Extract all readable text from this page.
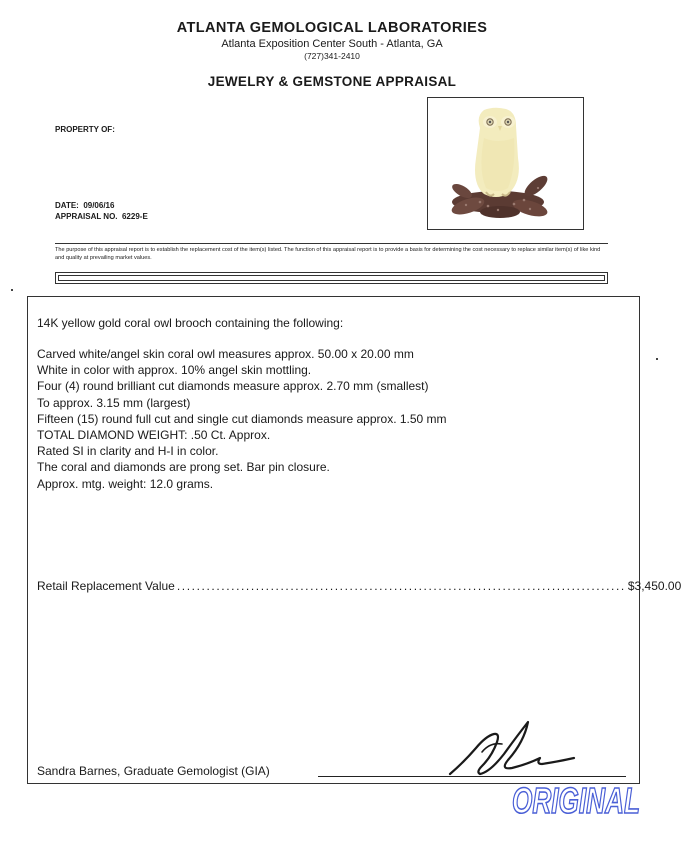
ATLANTA GEMOLOGICAL LABORATORIES
Atlanta Exposition Center South - Atlanta, GA
(727)341-2410
JEWELRY & GEMSTONE APPRAISAL
PROPERTY OF:
DATE: 09/06/16
APPRAISAL NO. 6229-E
The purpose of this appraisal report is to establish the replacement cost of the item(s) listed. The function of this appraisal report is to provide a basis for determining the cost necessary to replace similar item(s) of like kind and quality at prevailing market values.
14K yellow gold coral owl brooch containing the following:
Carved white/angel skin coral owl measures approx. 50.00 x 20.00 mm
White in color with approx. 10% angel skin mottling.
Four (4) round brilliant cut diamonds measure approx. 2.70 mm (smallest)
To approx. 3.15 mm (largest)
Fifteen (15) round full cut and single cut diamonds measure approx. 1.50 mm
TOTAL DIAMOND WEIGHT: .50 Ct. Approx.
Rated SI in clarity and H-I in color.
The coral and diamonds are prong set. Bar pin closure.
Approx. mtg. weight: 12.0 grams.
Retail Replacement Value ........................................................................................... $3,450.00
Sandra Barnes, Graduate Gemologist (GIA)
ORIGINAL
